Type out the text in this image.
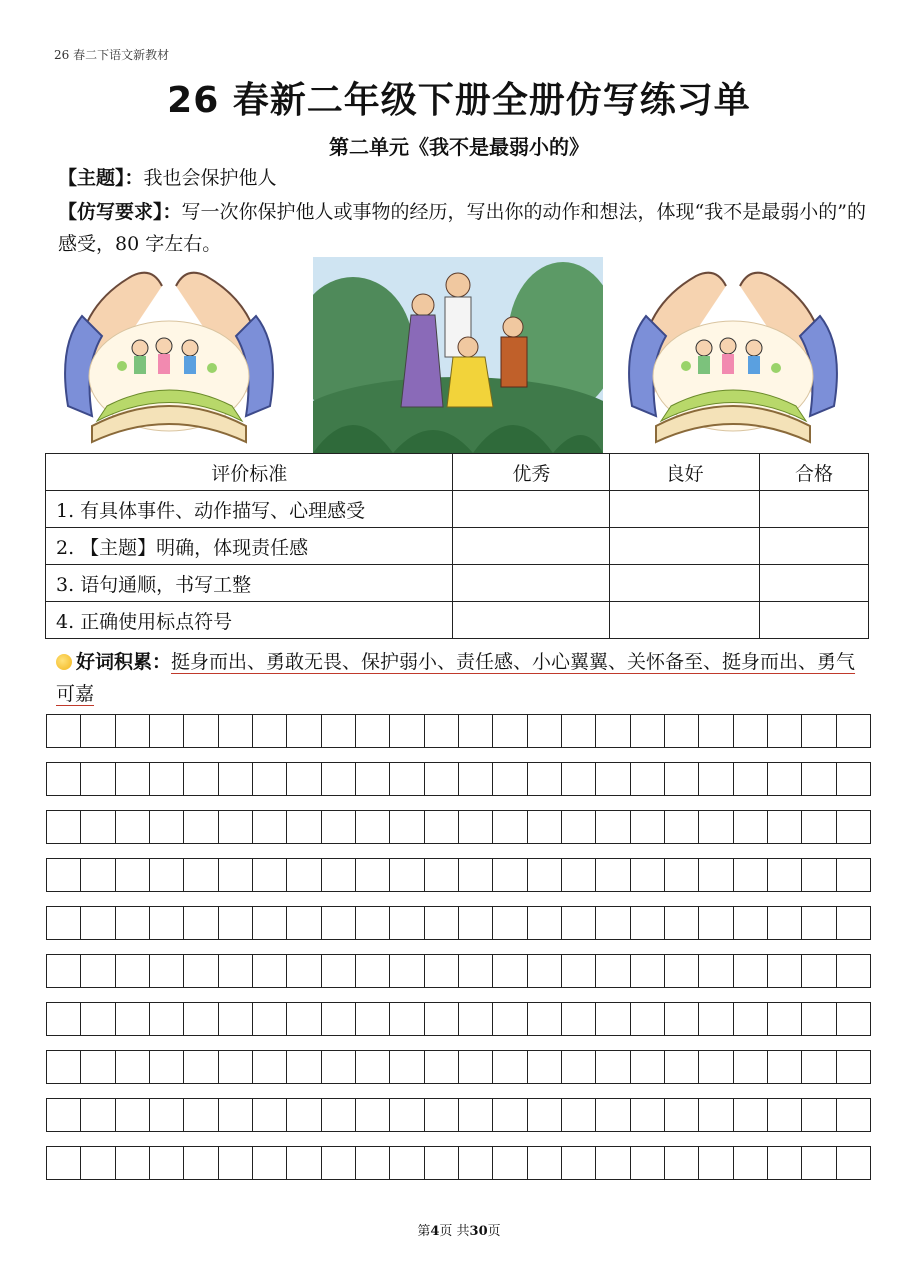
26 春二下语文新教材
26 春新二年级下册全册仿写练习单
第二单元《我不是最弱小的》
【主题】：我也会保护他人
【仿写要求】：写一次你保护他人或事物的经历，写出你的动作和想法，体现“我不是最弱小的”的感受，80 字左右。
评价标准	优秀	良好	合格
1. 有具体事件、动作描写、心理感受			
2. 【主题】明确，体现责任感			
3. 语句通顺，书写工整			
4. 正确使用标点符号			
好词积累：挺身而出、勇敢无畏、保护弱小、责任感、小心翼翼、关怀备至、挺身而出、勇气可嘉
第4页 共30页
